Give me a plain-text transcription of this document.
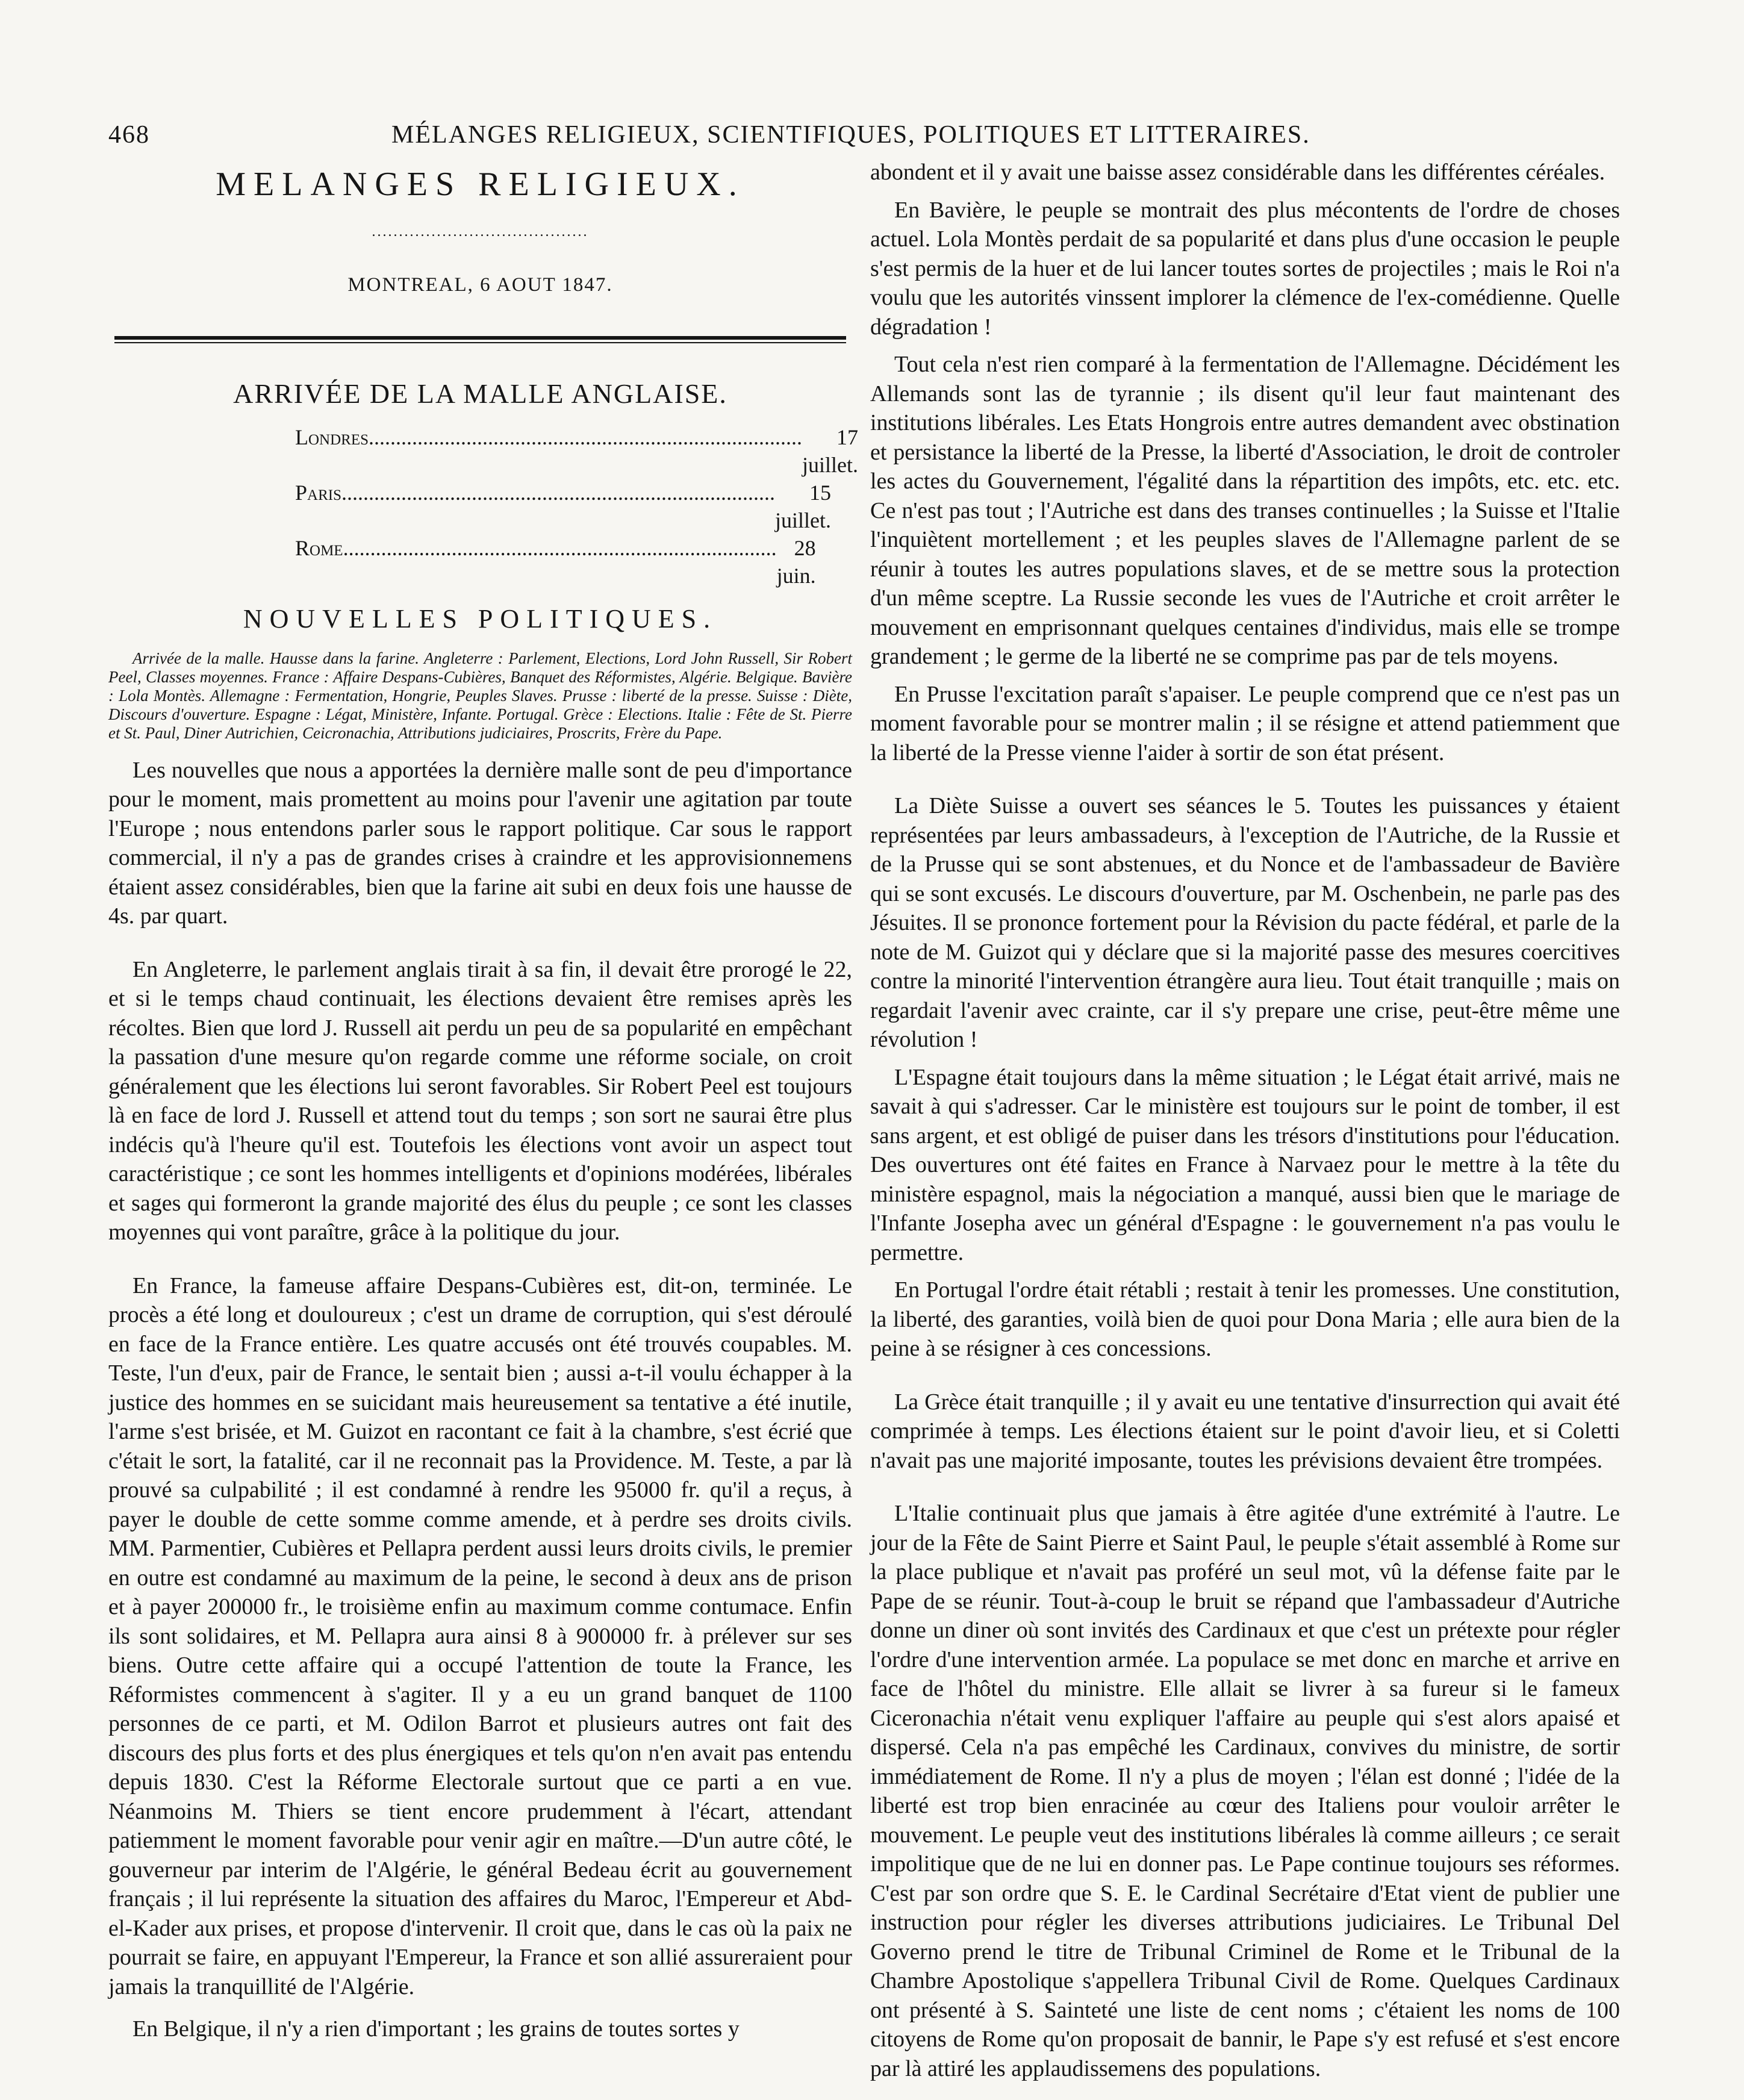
468	MÉLANGES RELIGIEUX, SCIENTIFIQUES, POLITIQUES ET LITTERAIRES.
MELANGES RELIGIEUX.
........................................
MONTREAL, 6 AOUT 1847.
ARRIVÉE DE LA MALLE ANGLAISE.
Londres ................................................................................	17 juillet.
Paris ................................................................................	15 juillet.
Rome ................................................................................ 28 juin.
NOUVELLES POLITIQUES.

Arrivée de la malle. Hausse dans la farine. Angleterre : Parlement, Elections, Lord John Russell, Sir Robert Peel, Classes moyennes. France : Affaire Despans-Cubières, Banquet des Réformistes, Algérie. Belgique. Bavière : Lola Montès. Allemagne : Fermentation, Hongrie, Peuples Slaves. Prusse : liberté de la presse. Suisse : Diète, Discours d'ouverture. Espagne : Légat, Ministère, Infante. Portugal. Grèce : Elections. Italie : Fête de St. Pierre et St. Paul, Diner Autrichien, Ceicronachia, Attributions judiciaires, Proscrits, Frère du Pape.

Les nouvelles que nous a apportées la dernière malle sont de peu d'importance pour le moment, mais promettent au moins pour l'avenir une agitation par toute l'Europe ; nous entendons parler sous le rapport politique. Car sous le rapport commercial, il n'y a pas de grandes crises à craindre et les approvisionnemens étaient assez considérables, bien que la farine ait subi en deux fois une hausse de 4s. par quart.

En Angleterre, le parlement anglais tirait à sa fin, il devait être prorogé le 22, et si le temps chaud continuait, les élections devaient être remises après les récoltes. Bien que lord J. Russell ait perdu un peu de sa popularité en empêchant la passation d'une mesure qu'on regarde comme une réforme sociale, on croit généralement que les élections lui seront favorables. Sir Robert Peel est toujours là en face de lord J. Russell et attend tout du temps ; son sort ne saurai être plus indécis qu'à l'heure qu'il est. Toutefois les élections vont avoir un aspect tout caractéristique ; ce sont les hommes intelligents et d'opinions modérées, libérales et sages qui formeront la grande majorité des élus du peuple ; ce sont les classes moyennes qui vont paraître, grâce à la politique du jour.

En France, la fameuse affaire Despans-Cubières est, dit-on, terminée. Le procès a été long et douloureux ; c'est un drame de corruption, qui s'est déroulé en face de la France entière. Les quatre accusés ont été trouvés coupables. M. Teste, l'un d'eux, pair de France, le sentait bien ; aussi a-t-il voulu échapper à la justice des hommes en se suicidant mais heureusement sa tentative a été inutile, l'arme s'est brisée, et M. Guizot en racontant ce fait à la chambre, s'est écrié que c'était le sort, la fatalité, car il ne reconnait pas la Providence. M. Teste, a par là prouvé sa culpabilité ; il est condamné à rendre les 95000 fr. qu'il a reçus, à payer le double de cette somme comme amende, et à perdre ses droits civils. MM. Parmentier, Cubières et Pellapra perdent aussi leurs droits civils, le premier en outre est condamné au maximum de la peine, le second à deux ans de prison et à payer 200000 fr., le troisième enfin au maximum comme contumace. Enfin ils sont solidaires, et M. Pellapra aura ainsi 8 à 900000 fr. à prélever sur ses biens. Outre cette affaire qui a occupé l'attention de toute la France, les Réformistes commencent à s'agiter. Il y a eu un grand banquet de 1100 personnes de ce parti, et M. Odilon Barrot et plusieurs autres ont fait des discours des plus forts et des plus énergiques et tels qu'on n'en avait pas entendu depuis 1830. C'est la Réforme Electorale surtout que ce parti a en vue. Néanmoins M. Thiers se tient encore prudemment à l'écart, attendant patiemment le moment favorable pour venir agir en maître.—D'un autre côté, le gouverneur par interim de l'Algérie, le général Bedeau écrit au gouvernement français ; il lui représente la situation des affaires du Maroc, l'Empereur et Abd-el-Kader aux prises, et propose d'intervenir. Il croit que, dans le cas où la paix ne pourrait se faire, en appuyant l'Empereur, la France et son allié assureraient pour jamais la tranquillité de l'Algérie.

En Belgique, il n'y a rien d'important ; les grains de toutes sortes y

abondent et il y avait une baisse assez considérable dans les différentes céréales.

En Bavière, le peuple se montrait des plus mécontents de l'ordre de choses actuel. Lola Montès perdait de sa popularité et dans plus d'une occasion le peuple s'est permis de la huer et de lui lancer toutes sortes de projectiles ; mais le Roi n'a voulu que les autorités vinssent implorer la clémence de l'ex-comédienne. Quelle dégradation !

Tout cela n'est rien comparé à la fermentation de l'Allemagne. Décidément les Allemands sont las de tyrannie ; ils disent qu'il leur faut maintenant des institutions libérales. Les Etats Hongrois entre autres demandent avec obstination et persistance la liberté de la Presse, la liberté d'Association, le droit de controler les actes du Gouvernement, l'égalité dans la répartition des impôts, etc. etc. etc. Ce n'est pas tout ; l'Autriche est dans des transes continuelles ; la Suisse et l'Italie l'inquiètent mortellement ; et les peuples slaves de l'Allemagne parlent de se réunir à toutes les autres populations slaves, et de se mettre sous la protection d'un même sceptre. La Russie seconde les vues de l'Autriche et croit arrêter le mouvement en emprisonnant quelques centaines d'individus, mais elle se trompe grandement ; le germe de la liberté ne se comprime pas par de tels moyens.

En Prusse l'excitation paraît s'apaiser. Le peuple comprend que ce n'est pas un moment favorable pour se montrer malin ; il se résigne et attend patiemment que la liberté de la Presse vienne l'aider à sortir de son état présent.

La Diète Suisse a ouvert ses séances le 5. Toutes les puissances y étaient représentées par leurs ambassadeurs, à l'exception de l'Autriche, de la Russie et de la Prusse qui se sont abstenues, et du Nonce et de l'ambassadeur de Bavière qui se sont excusés. Le discours d'ouverture, par M. Oschenbein, ne parle pas des Jésuites. Il se prononce fortement pour la Révision du pacte fédéral, et parle de la note de M. Guizot qui y déclare que si la majorité passe des mesures coercitives contre la minorité l'intervention étrangère aura lieu. Tout était tranquille ; mais on regardait l'avenir avec crainte, car il s'y prepare une crise, peut-être même une révolution !

L'Espagne était toujours dans la même situation ; le Légat était arrivé, mais ne savait à qui s'adresser. Car le ministère est toujours sur le point de tomber, il est sans argent, et est obligé de puiser dans les trésors d'institutions pour l'éducation. Des ouvertures ont été faites en France à Narvaez pour le mettre à la tête du ministère espagnol, mais la négociation a manqué, aussi bien que le mariage de l'Infante Josepha avec un général d'Espagne : le gouvernement n'a pas voulu le permettre.

En Portugal l'ordre était rétabli ; restait à tenir les promesses. Une constitution, la liberté, des garanties, voilà bien de quoi pour Dona Maria ; elle aura bien de la peine à se résigner à ces concessions.

La Grèce était tranquille ; il y avait eu une tentative d'insurrection qui avait été comprimée à temps. Les élections étaient sur le point d'avoir lieu, et si Coletti n'avait pas une majorité imposante, toutes les prévisions devaient être trompées.

L'Italie continuait plus que jamais à être agitée d'une extrémité à l'autre. Le jour de la Fête de Saint Pierre et Saint Paul, le peuple s'était assemblé à Rome sur la place publique et n'avait pas proféré un seul mot, vû la défense faite par le Pape de se réunir. Tout-à-coup le bruit se répand que l'ambassadeur d'Autriche donne un diner où sont invités des Cardinaux et que c'est un prétexte pour régler l'ordre d'une intervention armée. La populace se met donc en marche et arrive en face de l'hôtel du ministre. Elle allait se livrer à sa fureur si le fameux Ciceronachia n'était venu expliquer l'affaire au peuple qui s'est alors apaisé et dispersé. Cela n'a pas empêché les Cardinaux, convives du ministre, de sortir immédiatement de Rome. Il n'y a plus de moyen ; l'élan est donné ; l'idée de la liberté est trop bien enracinée au cœur des Italiens pour vouloir arrêter le mouvement. Le peuple veut des institutions libérales là comme ailleurs ; ce serait impolitique que de ne lui en donner pas. Le Pape continue toujours ses réformes. C'est par son ordre que S. E. le Cardinal Secrétaire d'Etat vient de publier une instruction pour régler les diverses attributions judiciaires. Le Tribunal Del Governo prend le titre de Tribunal Criminel de Rome et le Tribunal de la Chambre Apostolique s'appellera Tribunal Civil de Rome. Quelques Cardinaux ont présenté à S. Sainteté une liste de cent noms ; c'étaient les noms de 100 citoyens de Rome qu'on proposait de bannir, le Pape s'y est refusé et s'est encore par là attiré les applaudissemens des populations.
